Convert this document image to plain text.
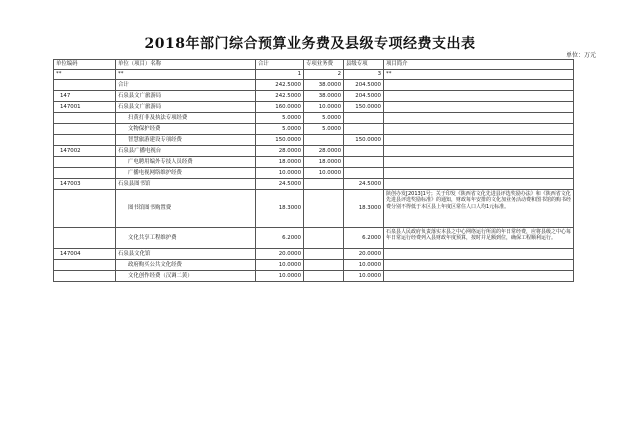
2018年部门综合预算业务费及县级专项经费支出表
单位：万元
单位编码	单位（项目）名称	合计	专项业务费	县级专项	项目简介
**	**	1	2	3	**
	合计	242.5000	38.0000	204.5000	
147	石泉县文广旅游局	242.5000	38.0000	204.5000	
147001	石泉县文广旅游局	160.0000	10.0000	150.0000	
	扫黄打非及执法专项经费	5.0000	5.0000		
	文物保护经费	5.0000	5.0000		
	智慧旅游建设专项经费	150.0000		150.0000	
147002	石泉县广播电视台	28.0000	28.0000		
	广电聘用编外专技人员经费	18.0000	18.0000		
	广播电视网络维护经费	10.0000	10.0000		
147003	石泉县图书馆	24.5000		24.5000	
	图书馆图书购置费	18.3000		18.3000	陕创办发[2013]1号；关于印发《陕西省文化先进县评选奖励办法》和《陕西省文化先进县评选奖励标准》的通知，财政每年安排的文化加业务活动费和图书馆的购书经费分别不得低于本区县上年度区常住人口人均1元标准。
	文化共享工程维护费	6.2000		6.2000	石泉县人民政府负责落实本县之中心网络运行所需的年日常经费，应将县级之中心每年日常运行经费列入县财政年度预算，按时并足额到位，确保工程顺利运行。
147004	石泉县文化馆	20.0000		20.0000	
	政府购买公共文化经费	10.0000		10.0000	
	文化创作经费（汉调二黄）	10.0000		10.0000	
